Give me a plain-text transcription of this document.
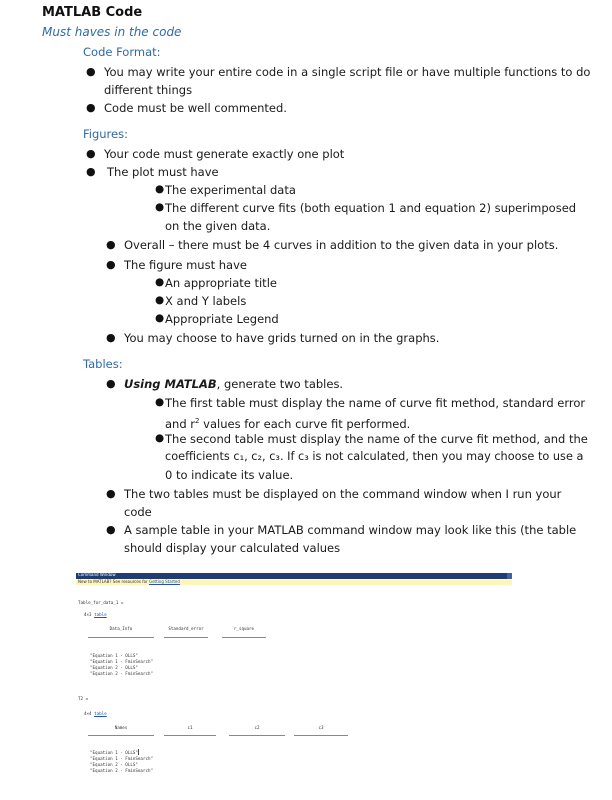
MATLAB Code
Must haves in the code
Code Format:
● You may write your entire code in a single script file or have multiple functions to do
different things
● Code must be well commented.
Figures:
● Your code must generate exactly one plot
● The plot must have
● The experimental data
● The different curve fits (both equation 1 and equation 2) superimposed
on the given data.
● Overall – there must be 4 curves in addition to the given data in your plots.
● The figure must have
● An appropriate title
● X and Y labels
● Appropriate Legend
● You may choose to have grids turned on in the graphs.
Tables:
● Using MATLAB, generate two tables.
● The first table must display the name of curve fit method, standard error
and $r^2$ values for each curve fit performed.
● The second table must display the name of the curve fit method, and the
coefficients c₁, c₂, c₃. If c₃ is not calculated, then you may choose to use a
0 to indicate its value.
● The two tables must be displayed on the command window when I run your
code
● A sample table in your MATLAB command window may look like this (the table
should display your calculated values
Command Window
New to MATLAB? See resources for Getting Started
Table_for_data_1 =
4×3 table
Data_Info	Standard_error	r_square
"Equation 1 - OLLS"
"Equation 1 - FminSearch"
"Equation 2 - OLLS"
"Equation 2 - FminSearch"
T2 =
4×4 table
Names	c1	c2	c3
"Equation 1 - OLLS"
"Equation 1 - FminSearch"
"Equation 2 - OLLS"
"Equation 2 - FminSearch"
